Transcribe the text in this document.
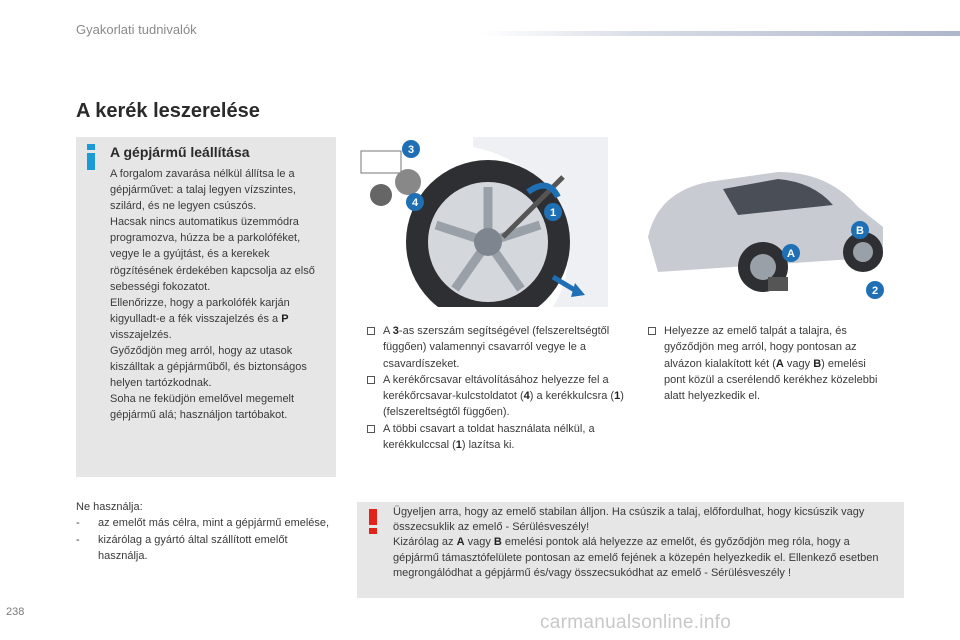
Gyakorlati tudnivalók
A kerék leszerelése
A gépjármű leállítása

A forgalom zavarása nélkül állítsa le a gépjárművet: a talaj legyen vízszintes, szilárd, és ne legyen csúszós.

Hacsak nincs automatikus üzemmódra programozva, húzza be a parkolóféket, vegye le a gyújtást, és a kerekek rögzítésének érdekében kapcsolja az első sebességi fokozatot.

Ellenőrizze, hogy a parkolófék karján kigyulladt-e a fék visszajelzés és a P visszajelzés.

Győződjön meg arról, hogy az utasok kiszálltak a gépjárműből, és biztonságos helyen tartózkodnak.

Soha ne feküdjön emelővel megemelt gépjármű alá; használjon tartóbakot.

3
4
1
A
B
2

A 3-as szerszám segítségével (felszereltségtől függően) valamennyi csavarról vegye le a csavardíszeket.

A kerékőrcsavar eltávolításához helyezze fel a kerékőrcsavar-kulcstoldatot (4) a kerékkulcsra (1) (felszereltségtől függően).

A többi csavart a toldat használata nélkül, a kerékkulccsal (1) lazítsa ki.

Helyezze az emelő talpát a talajra, és győződjön meg arról, hogy pontosan az alvázon kialakított két (A vagy B) emelési pont közül a cserélendő kerékhez közelebbi alatt helyezkedik el.

Ne használja:

- az emelőt más célra, mint a gépjármű emelése,

- kizárólag a gyártó által szállított emelőt használja.

Ügyeljen arra, hogy az emelő stabilan álljon. Ha csúszik a talaj, előfordulhat, hogy kicsúszik vagy összecsuklik az emelő - Sérülésveszély!
Kizárólag az A vagy B emelési pontok alá helyezze az emelőt, és győződjön meg róla, hogy a gépjármű támasztófelülete pontosan az emelő fejének a közepén helyezkedik el. Ellenkező esetben megrongálódhat a gépjármű és/vagy összecsukódhat az emelő - Sérülésveszély !
238	carmanualsonline.info
